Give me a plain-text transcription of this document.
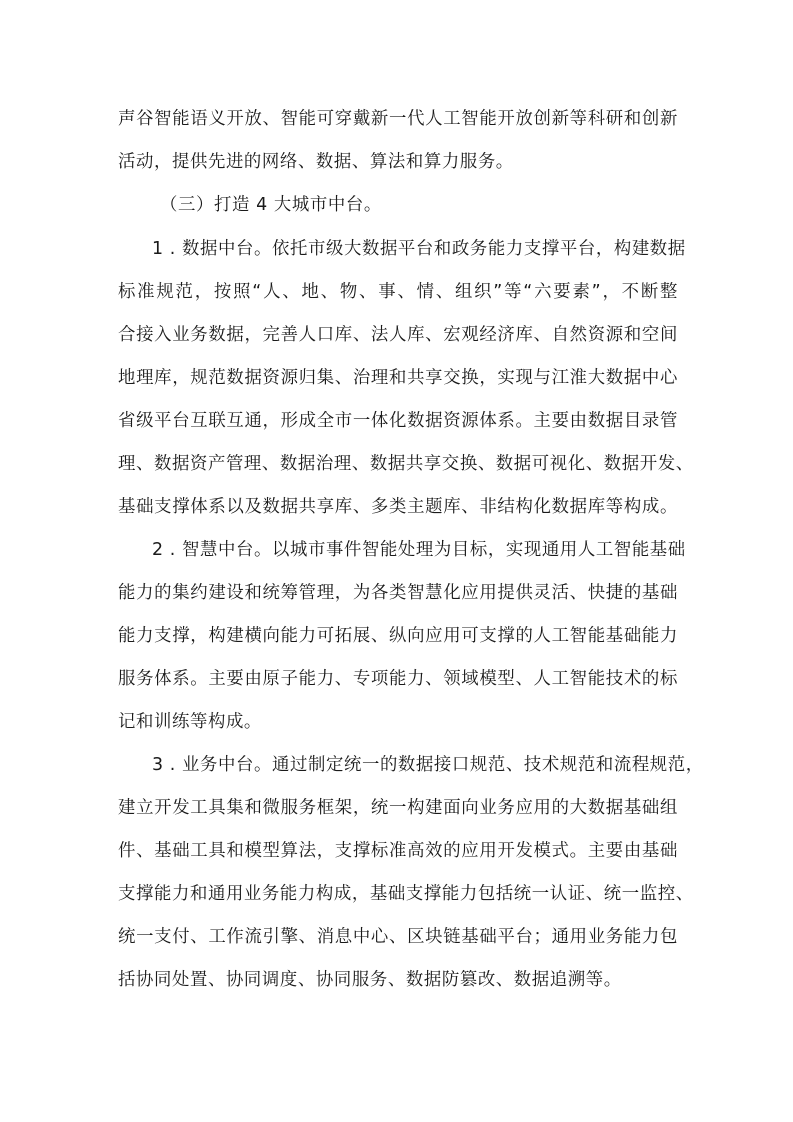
声谷智能语义开放、智能可穿戴新一代人工智能开放创新等科研和创新
活动，提供先进的网络、数据、算法和算力服务。
（三）打造 4 大城市中台。
1 . 数据中台。依托市级大数据平台和政务能力支撑平台，构建数据
标准规范，按照“人、地、物、事、情、组织”等“六要素”，不断整
合接入业务数据，完善人口库、法人库、宏观经济库、自然资源和空间
地理库，规范数据资源归集、治理和共享交换，实现与江淮大数据中心
省级平台互联互通，形成全市一体化数据资源体系。主要由数据目录管
理、数据资产管理、数据治理、数据共享交换、数据可视化、数据开发、
基础支撑体系以及数据共享库、多类主题库、非结构化数据库等构成。
2 . 智慧中台。以城市事件智能处理为目标，实现通用人工智能基础
能力的集约建设和统筹管理，为各类智慧化应用提供灵活、快捷的基础
能力支撑，构建横向能力可拓展、纵向应用可支撑的人工智能基础能力
服务体系。主要由原子能力、专项能力、领域模型、人工智能技术的标
记和训练等构成。
3 . 业务中台。通过制定统一的数据接口规范、技术规范和流程规范，
建立开发工具集和微服务框架，统一构建面向业务应用的大数据基础组
件、基础工具和模型算法，支撑标准高效的应用开发模式。主要由基础
支撑能力和通用业务能力构成，基础支撑能力包括统一认证、统一监控、
统一支付、工作流引擎、消息中心、区块链基础平台；通用业务能力包
括协同处置、协同调度、协同服务、数据防篡改、数据追溯等。
